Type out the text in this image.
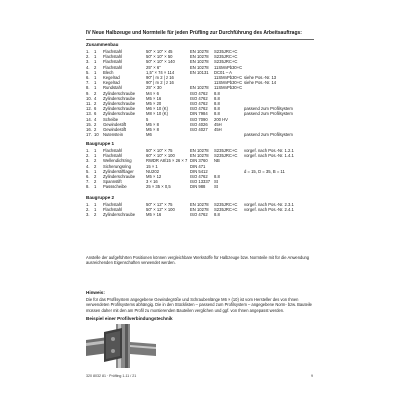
IV Neue Halbzeuge und Normteile für jeden Prüfling zur Durchführung des Arbeitsauftrags:
Zusammenbau
1.	1	Flachstahl	50" × 10" × 45	EN 10278	S235JRC+C	
2.	1	Flachstahl	50" × 10" × 50	EN 10278	S235JRC+C	
3.	1	Flachstahl	50" × 10" × 140	EN 10278	S235JRC+C	
4.	2	Flachstahl	25" × 6"	EN 10278	11SMnPb30+C	
5.	1	Blech	1,5" × 74 × 114	EN 10131	DC01 – A	
6.	1	Kegelrad	90" | m 2 | z 16		11SMnPb30+C	siehe Pos.-Nr. 13
7.	1	Kegelrad	90" | m 2 | z 16		11SMnPb30+C	siehe Pos.-Nr. 14
8.	1	Rundstahl	25" × 30	EN 10278	11SMnPb30+C	
9.	2	Zylinderschraube	M4 × 6	ISO 4762	8.8	
10.	4	Zylinderschraube	M5 × 16	ISO 4762	8.8	
11.	2	Zylinderschraube	M5 × 20	ISO 4762	8.8	
12.	6	Zylinderschraube	M6 × 10 (K)	ISO 4762	8.8	passend zum Profilsystem
13.	6	Zylinderschraube	M8 × 10 (K)	DIN 7984	8.8	passend zum Profilsystem
14.	4	Scheibe	5	ISO 7090	200 HV	
15.	2	Gewindestift	M5 × 8	ISO 4026	45H	
16.	2	Gewindestift	M5 × 8	ISO 4027	45H	
17.	10	Nutenstein	M6			passend zum Profilsystem
Baugruppe 1
1.	1	Flachstahl	50" × 10" × 75	EN 10278	S235JRC+C	vorgef. nach Pos.-Nr. 1.2.1
2.	1	Flachstahl	60" × 10" × 100	EN 10278	S235JRC+C	vorgef. nach Pos.-Nr. 1.4.1
3.	2	Wellendichtring	RWDR A8/15 × 26 × 7	DIN 3760	NB	
4.	2	Sicherungsring	15 × 1	DIN 471		
5.	1	Zylinderstiftlager	NU202	DIN 5412		d = 15, D = 35, B = 11
6.	2	Zylinderschraube	M5 × 12	ISO 4762	8.8	
7.	2	Spannstift	3 × 16	ISO 13337	St	
8.	1	Passscheibe	25 × 35 × 0,5	DIN 988	St	
Baugruppe 2
1.	1	Flachstahl	50" × 12" × 75	EN 10278	S235JRC+C	vorgef. nach Pos.-Nr. 2.3.1
2.	1	Flachstahl	50" × 12" × 100	EN 10278	S235JRC+C	vorgef. nach Pos.-Nr. 2.4.1
3.	2	Zylinderschraube	M5 × 16	ISO 4762	8.8	

Anstelle der aufgeführten Positionen können vergleichbare Werkstoffe für Halbzeuge bzw. Normteile mit für die Anwendung ausreichenden Eigenschaften verwendet werden.

Hinweis:

Die für das Profilsystem angegebene Gewindegröße und Schraubenlänge M6 × (10) ist vom Hersteller des von Ihnen verwendeten Profilsystems abhängig. Die in den Stücklisten – passend zum Profilsystem – angegebene Norm- bzw. Bauteile müssen daher mit den am Profil zu montierenden Bauteilen verglichen und ggf. von Ihnen angepasst werden.

Beispiel einer Profilverbindungstechnik
320 8032 81 · Prüfling 1-11 / 21	9
